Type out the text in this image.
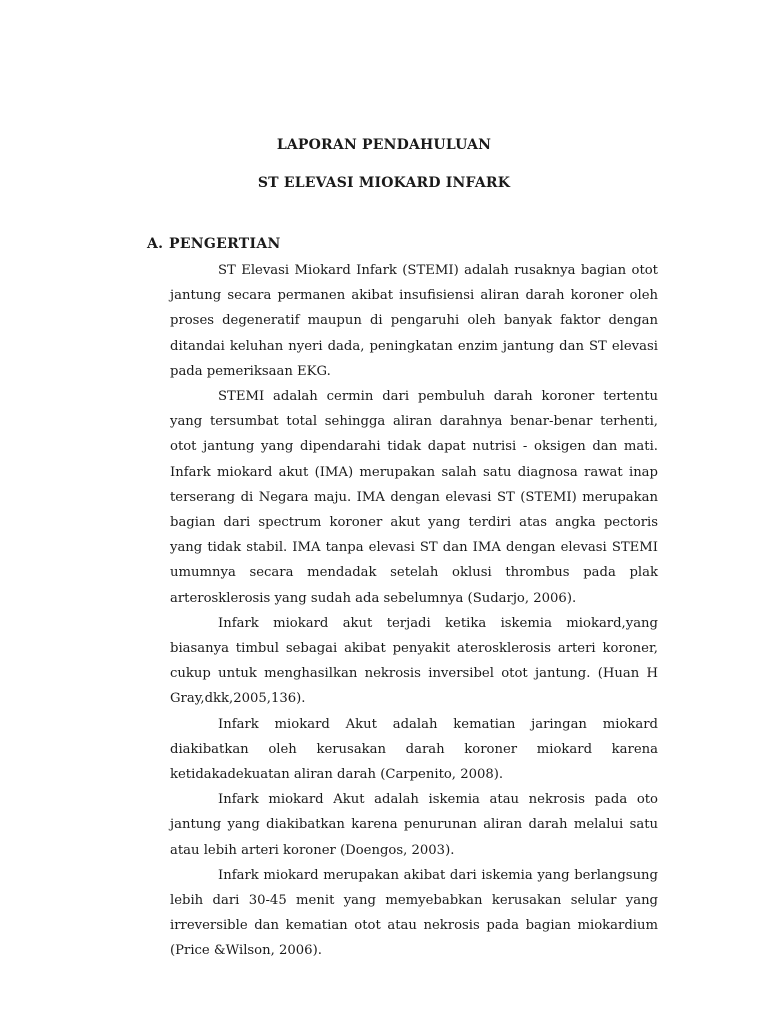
LAPORAN PENDAHULUAN
ST ELEVASI MIOKARD INFARK
A. PENGERTIAN

ST Elevasi Miokard Infark (STEMI) adalah rusaknya bagian otot jantung secara permanen akibat insufisiensi aliran darah koroner oleh proses degeneratif maupun di pengaruhi oleh banyak faktor dengan ditandai keluhan nyeri dada, peningkatan enzim jantung dan ST elevasi pada pemeriksaan EKG.

STEMI adalah cermin dari pembuluh darah koroner tertentu yang tersumbat total sehingga aliran darahnya benar-benar terhenti, otot jantung yang dipendarahi tidak dapat nutrisi - oksigen dan mati. Infark miokard akut (IMA) merupakan salah satu diagnosa rawat inap terserang di Negara maju. IMA dengan elevasi ST (STEMI) merupakan bagian dari spectrum koroner akut yang terdiri atas angka pectoris yang tidak stabil. IMA tanpa elevasi ST dan IMA dengan elevasi STEMI umumnya secara mendadak setelah oklusi thrombus pada plak arterosklerosis yang sudah ada sebelumnya (Sudarjo, 2006).

Infark miokard akut terjadi ketika iskemia miokard,yang biasanya timbul sebagai akibat penyakit aterosklerosis arteri koroner, cukup untuk menghasilkan nekrosis inversibel otot jantung. (Huan H Gray,dkk,2005,136).

Infark miokard Akut adalah kematian jaringan miokard diakibatkan oleh kerusakan darah koroner miokard karena ketidakadekuatan aliran darah (Carpenito, 2008).

Infark miokard Akut adalah iskemia atau nekrosis pada oto jantung yang diakibatkan karena penurunan aliran darah melalui satu atau lebih arteri koroner (Doengos, 2003).

Infark miokard merupakan akibat dari iskemia yang berlangsung lebih dari 30-45 menit yang memyebabkan kerusakan selular yang irreversible dan kematian otot atau nekrosis pada bagian miokardium (Price &Wilson, 2006).
